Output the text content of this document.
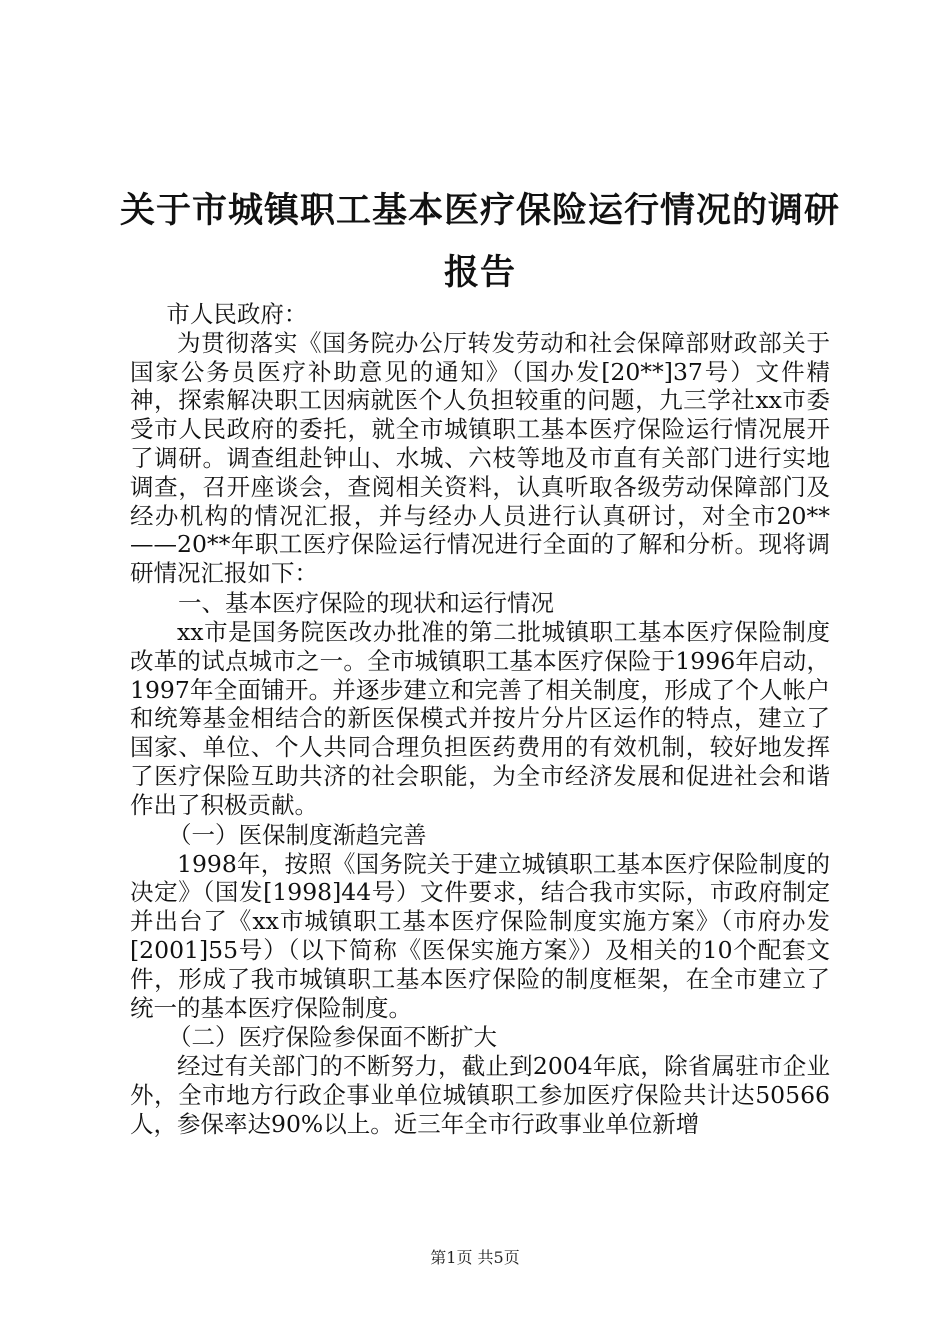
关于市城镇职工基本医疗保险运行情况的调研报告

市人民政府：

为贯彻落实《国务院办公厅转发劳动和社会保障部财政部关于国家公务员医疗补助意见的通知》（国办发[20**]37号）文件精神，探索解决职工因病就医个人负担较重的问题，九三学社xx市委受市人民政府的委托，就全市城镇职工基本医疗保险运行情况展开了调研。调查组赴钟山、水城、六枝等地及市直有关部门进行实地调查，召开座谈会，查阅相关资料，认真听取各级劳动保障部门及经办机构的情况汇报，并与经办人员进行认真研讨，对全市20**——20**年职工医疗保险运行情况进行全面的了解和分析。现将调研情况汇报如下：

一、基本医疗保险的现状和运行情况

xx市是国务院医改办批准的第二批城镇职工基本医疗保险制度改革的试点城市之一。全市城镇职工基本医疗保险于1996年启动，1997年全面铺开。并逐步建立和完善了相关制度，形成了个人帐户和统筹基金相结合的新医保模式并按片分片区运作的特点，建立了国家、单位、个人共同合理负担医药费用的有效机制，较好地发挥了医疗保险互助共济的社会职能，为全市经济发展和促进社会和谐作出了积极贡献。

（一）医保制度渐趋完善

1998年，按照《国务院关于建立城镇职工基本医疗保险制度的决定》（国发[1998]44号）文件要求，结合我市实际，市政府制定并出台了《xx市城镇职工基本医疗保险制度实施方案》（市府办发[2001]55号）（以下简称《医保实施方案》）及相关的10个配套文件，形成了我市城镇职工基本医疗保险的制度框架，在全市建立了统一的基本医疗保险制度。

（二）医疗保险参保面不断扩大

经过有关部门的不断努力，截止到2004年底，除省属驻市企业外，全市地方行政企事业单位城镇职工参加医疗保险共计达50566人，参保率达90%以上。近三年全市行政事业单位新增

第1页 共5页
